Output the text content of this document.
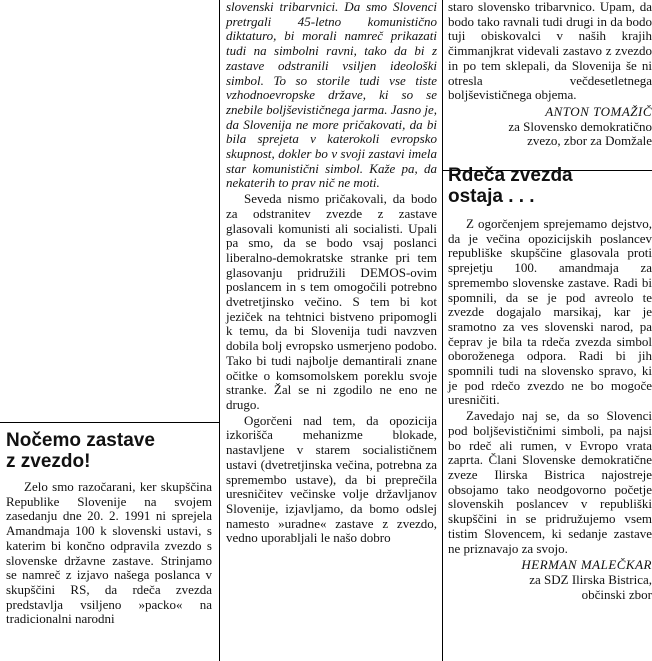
Nočemo zastave

z zvezdo!

Zelo smo razočarani, ker skupščina Republike Slovenije na svojem zasedanju dne 20. 2. 1991 ni sprejela Amandmaja 100 k slovenski ustavi, s katerim bi končno odpravila zvezdo s slovenske državne zastave. Strinjamo se namreč z izjavo našega poslanca v skupščini RS, da rdeča zvezda predstavlja vsiljeno »packo« na tradicionalni narodni

slovenski tribarvnici. Da smo Slovenci pretrgali 45-letno komunistično diktaturo, bi morali namreč prikazati tudi na simbolni ravni, tako da bi z zastave odstranili vsiljen ideološki simbol. To so storile tudi vse tiste vzhodnoevropske države, ki so se znebile boljševističnega jarma. Jasno je, da Slovenija ne more pričakovati, da bi bila sprejeta v katerokoli evropsko skupnost, dokler bo v svoji zastavi imela star komunistični simbol. Kaže pa, da nekaterih to prav nič ne moti.

Seveda nismo pričakovali, da bodo za odstranitev zvezde z zastave glasovali komunisti ali socialisti. Upali pa smo, da se bodo vsaj poslanci liberalno-demokratske stranke pri tem glasovanju pridružili DEMOS-ovim poslancem in s tem omogočili potrebno dvetretjinsko večino. S tem bi kot jeziček na tehtnici bistveno pripomogli k temu, da bi Slovenija tudi navzven dobila bolj evropsko usmerjeno podobo. Tako bi tudi najbolje demantirali znane očitke o komsomolskem poreklu svoje stranke. Žal se ni zgodilo ne eno ne drugo.

Ogorčeni nad tem, da opozicija izkorišča mehanizme blokade, nastavljene v starem socialističnem ustavi (dvetretjinska večina, potrebna za spremembo ustave), da bi preprečila uresničitev večinske volje državljanov Slovenije, izjavljamo, da bomo odslej namesto »uradne« zastave z zvezdo, vedno uporabljali le našo dobro

staro slovensko tribarvnico. Upam, da bodo tako ravnali tudi drugi in da bodo tuji obiskovalci v naših krajih čimmanjkrat videvali zastavo z zvezdo in po tem sklepali, da Slovenija še ni otresla večdesetletnega boljševističnega objema.

ANTON TOMAŽIČ

za Slovensko demokratično

zvezo, zbor za Domžale

Rdeča zvezda

ostaja . . .

Z ogorčenjem sprejemamo dejstvo, da je večina opozicijskih poslancev republiške skupščine glasovala proti sprejetju 100. amandmaja za spremembo slovenske zastave. Radi bi spomnili, da se je pod avreolo te zvezde dogajalo marsikaj, kar je sramotno za ves slovenski narod, pa čeprav je bila ta rdeča zvezda simbol oboroženega odpora. Radi bi jih spomnili tudi na slovensko spravo, ki je pod rdečo zvezdo ne bo mogoče uresničiti.

Zavedajo naj se, da so Slovenci pod boljševističnimi simboli, pa najsi bo rdeč ali rumen, v Evropo vrata zaprta. Člani Slovenske demokratične zveze Ilirska Bistrica najostreje obsojamo tako neodgovorno početje slovenskih poslancev v republiški skupščini in se pridružujemo vsem tistim Slovencem, ki sedanje zastave ne priznavajo za svojo.

HERMAN MALEČKAR

za SDZ Ilirska Bistrica,

občinski zbor
